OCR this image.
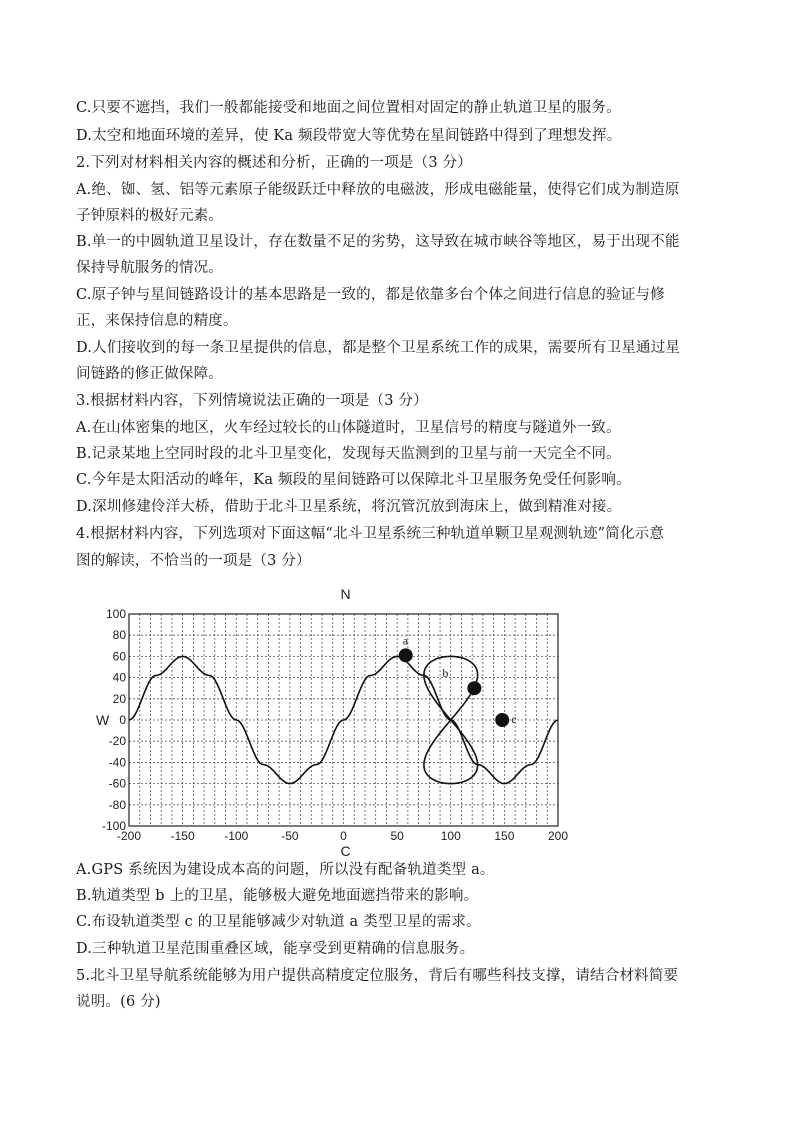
C.只要不遮挡，我们一般都能接受和地面之间位置相对固定的静止轨道卫星的服务。
D.太空和地面环境的差异，使 Ka 频段带宽大等优势在星间链路中得到了理想发挥。
2.下列对材料相关内容的概述和分析，正确的一项是（3 分）
A.绝、铷、氢、铝等元素原子能级跃迁中释放的电磁波，形成电磁能量，使得它们成为制造原
子钟原料的极好元素。
B.单一的中圆轨道卫星设计，存在数量不足的劣势，这导致在城市峡谷等地区，易于出现不能
保持导航服务的情况。
C.原子钟与星间链路设计的基本思路是一致的，都是依靠多台个体之间进行信息的验证与修
正，来保持信息的精度。
D.人们接收到的每一条卫星提供的信息，都是整个卫星系统工作的成果，需要所有卫星通过星
间链路的修正做保障。
3.根据材料内容，下列情境说法正确的一项是（3 分）
A.在山体密集的地区，火车经过较长的山体隧道时，卫星信号的精度与隧道外一致。
B.记录某地上空同时段的北斗卫星变化，发现每天监测到的卫星与前一天完全不同。
C.今年是太阳活动的峰年，Ka 频段的星间链路可以保障北斗卫星服务免受任何影响。
D.深圳修建伶洋大桥，借助于北斗卫星系统，将沉管沉放到海床上，做到精准对接。
4.根据材料内容，下列选项对下面这幅“北斗卫星系统三种轨道单颗卫星观测轨迹”简化示意
图的解读，不恰当的一项是（3 分）
A.GPS 系统因为建设成本高的问题，所以没有配备轨道类型 a。
B.轨道类型 b 上的卫星，能够极大避免地面遮挡带来的影响。
C.布设轨道类型 c 的卫星能够减少对轨道 a 类型卫星的需求。
D.三种轨道卫星范围重叠区域，能享受到更精确的信息服务。
5.北斗卫星导航系统能够为用户提供高精度定位服务，背后有哪些科技支撑，请结合材料简要
说明。(6 分)
100
80
60
40
20
0
-20
-40
-60
-80
-100
-200 -150 -100	-50	0	50	100	150	200
a
b
c
N
C
W
